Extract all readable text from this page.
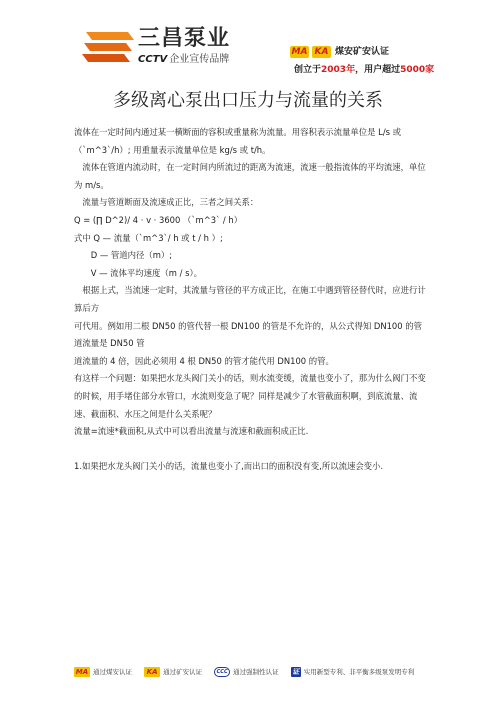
三昌泵业
CCTV 企业宣传品牌
MA KA 煤安矿安认证
创立于2003年，用户超过5000家
多级离心泵出口压力与流量的关系

流体在一定时间内通过某一横断面的容积或重量称为流量。用容积表示流量单位是 L/s 或（`m^3`/h）; 用重量表示流量单位是 kg/s 或 t/h。

　流体在管道内流动时，在一定时间内所流过的距离为流速，流速一般指流体的平均流速，单位为 m/s。

　流量与管道断面及流速成正比，三者之间关系：

Q = (∏ D^2)/ 4 · v · 3600 （`m^3` / h）

式中 Q — 流量（`m^3`/ h 或 t / h ）;

　　D — 管道内径（m）;

　　V — 流体平均速度（m / s）。

　根据上式，当流速一定时，其流量与管径的平方成正比，在施工中遇到管径替代时，应进行计算后方

可代用。例如用二根 DN50 的管代替一根 DN100 的管是不允许的，从公式得知 DN100 的管道流量是 DN50 管

道流量的 4 倍，因此必须用 4 根 DN50 的管才能代用 DN100 的管。

有这样一个问题：如果把水龙头阀门关小的话，则水流变缓，流量也变小了，那为什么阀门不变的时候，用手堵住部分水管口，水流则变急了呢？同样是减少了水管截面积啊，到底流量、流速、截面积、水压之间是什么关系呢？

流量=流速*截面积,从式中可以看出流量与流速和截面积成正比.

1.如果把水龙头阀门关小的话，流量也变小了,而出口的面积没有变,所以流速会变小.

MA 通过煤安认证 KA 通过矿安认证	CCC 通过强制性认证 证 实用新型专利、非平衡多级泵发明专利
